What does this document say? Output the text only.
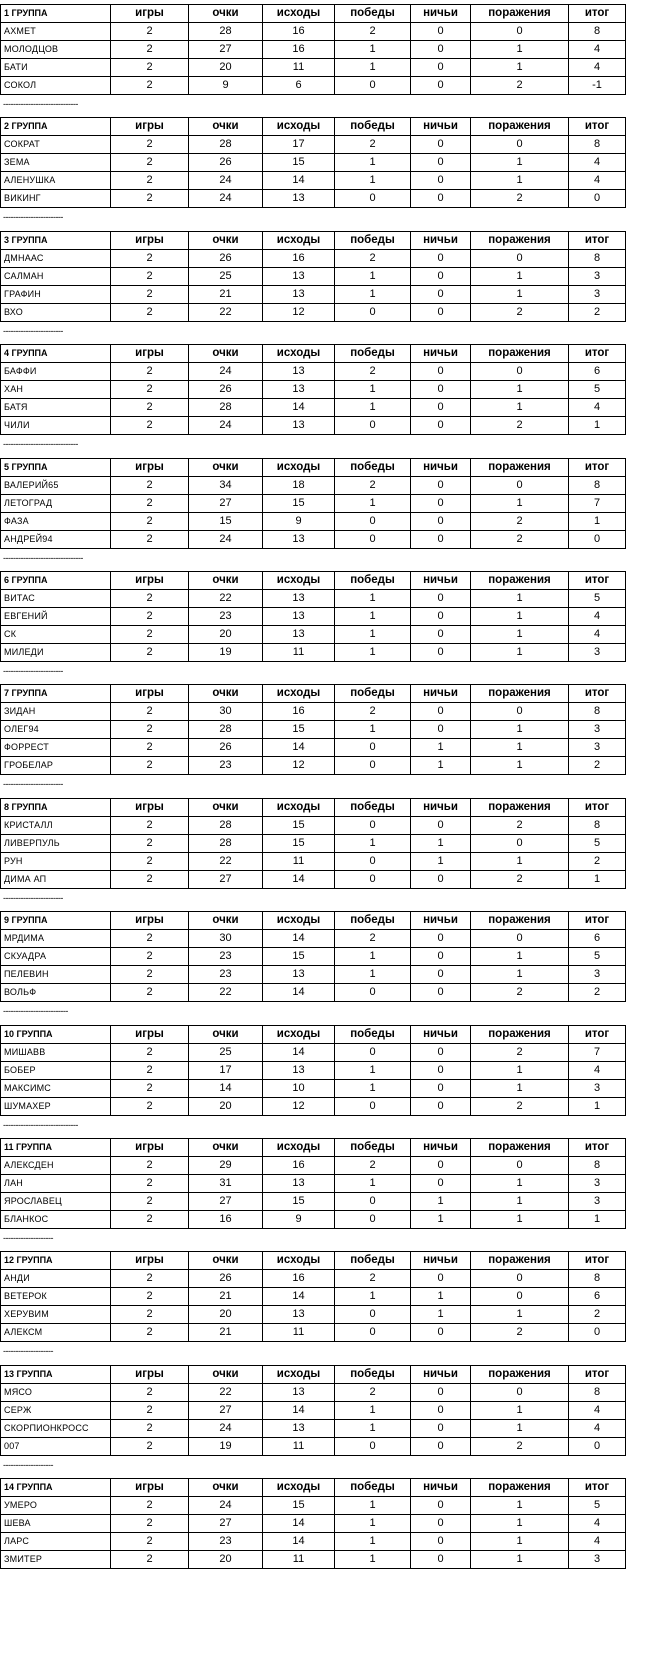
1 ГРУППА	игры	очки	исходы	победы	ничьи	поражения	итог
АХМЕТ	2	28	16	2	0	0	8
МОЛОДЦОВ	2	27	16	1	0	1	4
БАТИ	2	20	11	1	0	1	4
СОКОЛ	2	9	6	0	0	2	-1
------------------------------
2 ГРУППА	игры	очки	исходы	победы	ничьи	поражения	итог
СОКРАТ	2	28	17	2	0	0	8
ЗЕМА	2	26	15	1	0	1	4
АЛЕНУШКА	2	24	14	1	0	1	4
ВИКИНГ	2	24	13	0	0	2	0
------------------------
3 ГРУППА	игры	очки	исходы	победы	ничьи	поражения	итог
ДМНААС	2	26	16	2	0	0	8
САЛМАН	2	25	13	1	0	1	3
ГРАФИН	2	21	13	1	0	1	3
ВХО	2	22	12	0	0	2	2
------------------------
4 ГРУППА	игры	очки	исходы	победы	ничьи	поражения	итог
БАФФИ	2	24	13	2	0	0	6
ХАН	2	26	13	1	0	1	5
БАТЯ	2	28	14	1	0	1	4
ЧИЛИ	2	24	13	0	0	2	1
------------------------------
5 ГРУППА	игры	очки	исходы	победы	ничьи	поражения	итог
ВАЛЕРИЙ65	2	34	18	2	0	0	8
ЛЕТОГРАД	2	27	15	1	0	1	7
ФАЗА	2	15	9	0	0	2	1
АНДРЕЙ94	2	24	13	0	0	2	0
--------------------------------
6 ГРУППА	игры	очки	исходы	победы	ничьи	поражения	итог
ВИТАС	2	22	13	1	0	1	5
ЕВГЕНИЙ	2	23	13	1	0	1	4
СК	2	20	13	1	0	1	4
МИЛЕДИ	2	19	11	1	0	1	3
------------------------
7 ГРУППА	игры	очки	исходы	победы	ничьи	поражения	итог
ЗИДАН	2	30	16	2	0	0	8
ОЛЕГ94	2	28	15	1	0	1	3
ФОРРЕСТ	2	26	14	0	1	1	3
ГРОБЕЛАР	2	23	12	0	1	1	2
------------------------
8 ГРУППА	игры	очки	исходы	победы	ничьи	поражения	итог
КРИСТАЛЛ	2	28	15	0	0	2	8
ЛИВЕРПУЛЬ	2	28	15	1	1	0	5
РУН	2	22	11	0	1	1	2
ДИМА АП	2	27	14	0	0	2	1
------------------------
9 ГРУППА	игры	очки	исходы	победы	ничьи	поражения	итог
МРДИМА	2	30	14	2	0	0	6
СКУАДРА	2	23	15	1	0	1	5
ПЕЛЕВИН	2	23	13	1	0	1	3
ВОЛЬФ	2	22	14	0	0	2	2
--------------------------
10 ГРУППА	игры	очки	исходы	победы	ничьи	поражения	итог
МИШАВВ	2	25	14	0	0	2	7
БОБЕР	2	17	13	1	0	1	4
МАКСИМС	2	14	10	1	0	1	3
ШУМАХЕР	2	20	12	0	0	2	1
------------------------------
11 ГРУППА	игры	очки	исходы	победы	ничьи	поражения	итог
АЛЕКСДЕН	2	29	16	2	0	0	8
ЛАН	2	31	13	1	0	1	3
ЯРОСЛАВЕЦ	2	27	15	0	1	1	3
БЛАНКОС	2	16	9	0	1	1	1
--------------------
12 ГРУППА	игры	очки	исходы	победы	ничьи	поражения	итог
АНДИ	2	26	16	2	0	0	8
ВЕТЕРОК	2	21	14	1	1	0	6
ХЕРУВИМ	2	20	13	0	1	1	2
АЛЕКСМ	2	21	11	0	0	2	0
--------------------
13 ГРУППА	игры	очки	исходы	победы	ничьи	поражения	итог
МЯСО	2	22	13	2	0	0	8
СЕРЖ	2	27	14	1	0	1	4
СКОРПИОНКРОСС	2	24	13	1	0	1	4
007	2	19	11	0	0	2	0
--------------------
14 ГРУППА	игры	очки	исходы	победы	ничьи	поражения	итог
УМЕРО	2	24	15	1	0	1	5
ШЕВА	2	27	14	1	0	1	4
ЛАРС	2	23	14	1	0	1	4
ЗМИТЕР	2	20	11	1	0	1	3
